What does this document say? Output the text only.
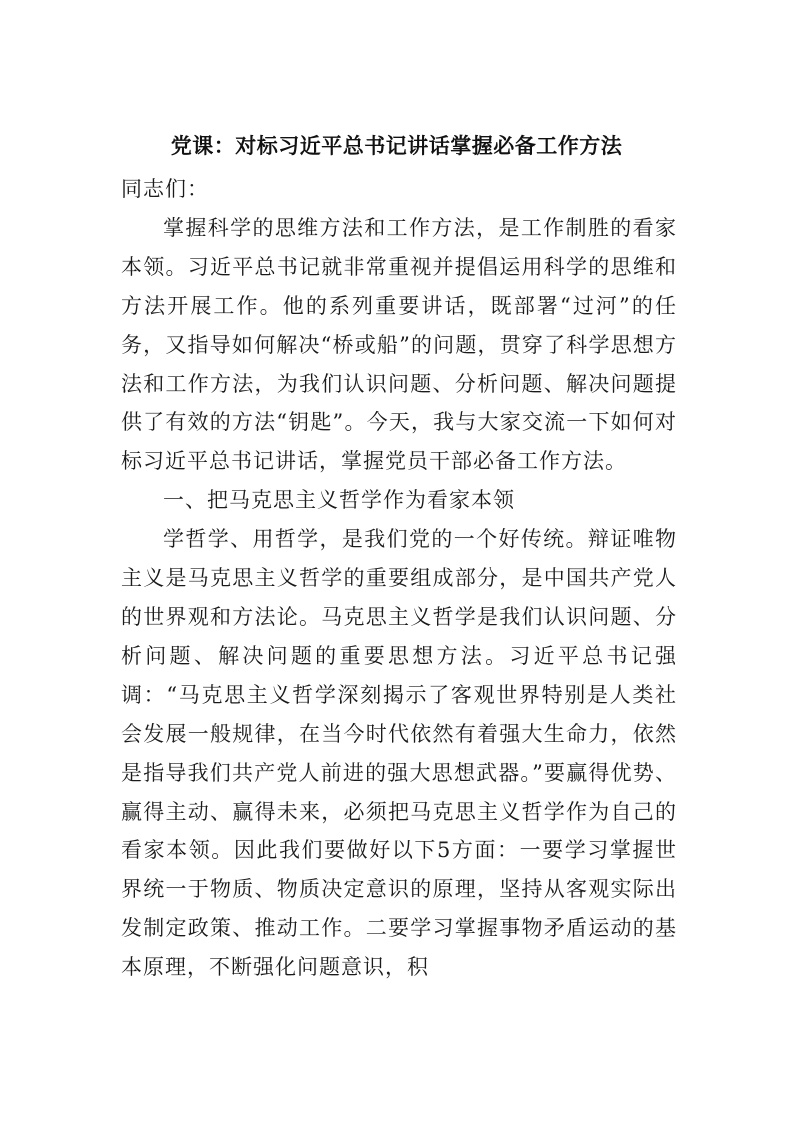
党课：对标习近平总书记讲话掌握必备工作方法

同志们：

掌握科学的思维方法和工作方法，是工作制胜的看家本领。习近平总书记就非常重视并提倡运用科学的思维和方法开展工作。他的系列重要讲话，既部署“过河”的任务，又指导如何解决“桥或船”的问题，贯穿了科学思想方法和工作方法，为我们认识问题、分析问题、解决问题提供了有效的方法“钥匙”。今天，我与大家交流一下如何对标习近平总书记讲话，掌握党员干部必备工作方法。

一、把马克思主义哲学作为看家本领

学哲学、用哲学，是我们党的一个好传统。辩证唯物主义是马克思主义哲学的重要组成部分，是中国共产党人的世界观和方法论。马克思主义哲学是我们认识问题、分析问题、解决问题的重要思想方法。习近平总书记强调：“马克思主义哲学深刻揭示了客观世界特别是人类社会发展一般规律，在当今时代依然有着强大生命力，依然是指导我们共产党人前进的强大思想武器。”要赢得优势、赢得主动、赢得未来，必须把马克思主义哲学作为自己的看家本领。因此我们要做好以下5方面：一要学习掌握世界统一于物质、物质决定意识的原理，坚持从客观实际出发制定政策、推动工作。二要学习掌握事物矛盾运动的基本原理，不断强化问题意识，积
